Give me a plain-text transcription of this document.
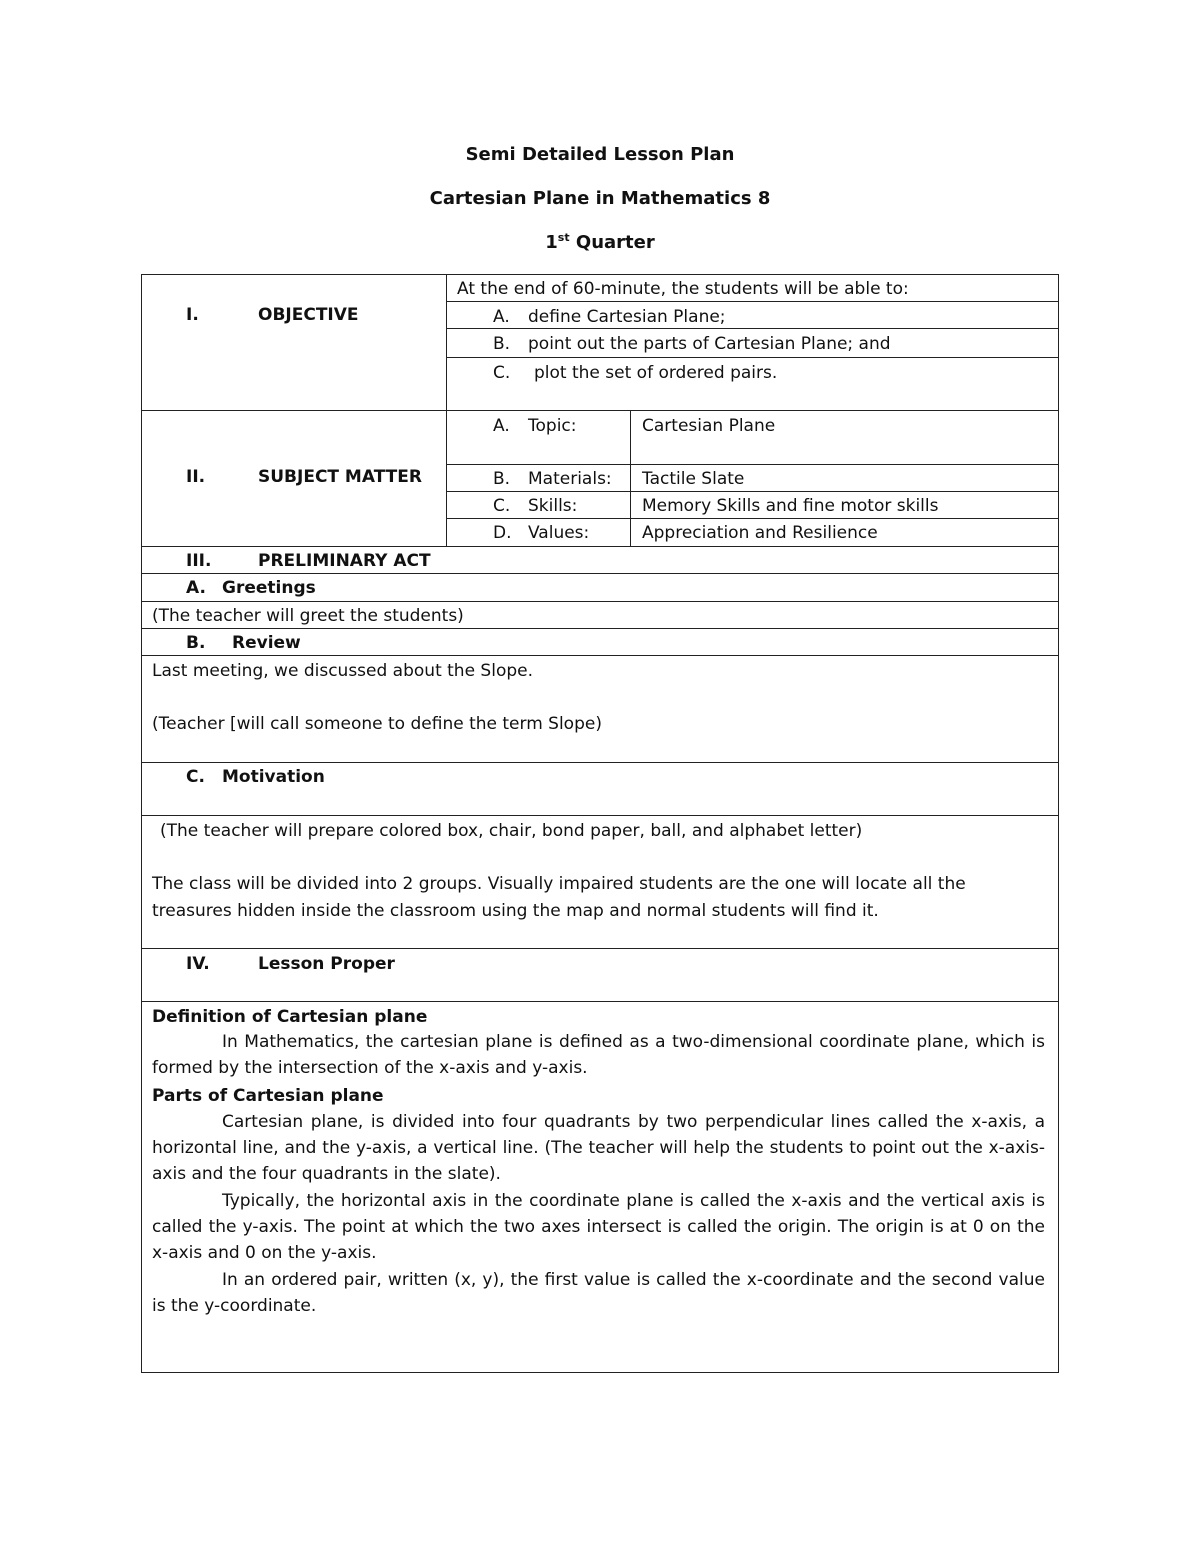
Semi Detailed Lesson Plan
Cartesian Plane in Mathematics 8
1st Quarter
I.	OBJECTIVE
At the end of 60-minute, the students will be able to:
A. define Cartesian Plane;
B. point out the parts of Cartesian Plane; and
C. plot the set of ordered pairs.
II.	SUBJECT MATTER
A. Topic:	Cartesian Plane
B. Materials: Tactile Slate
C. Skills:	Memory Skills and fine motor skills
D. Values:	Appreciation and Resilience
III.	PRELIMINARY ACT
A. Greetings
(The teacher will greet the students)
B. Review
Last meeting, we discussed about the Slope.
(Teacher [will call someone to define the term Slope)
C. Motivation
(The teacher will prepare colored box, chair, bond paper, ball, and alphabet letter)
The class will be divided into 2 groups. Visually impaired students are the one will locate all the
treasures hidden inside the classroom using the map and normal students will find it.
IV.	Lesson Proper
Definition of Cartesian plane
In Mathematics, the cartesian plane is defined as a two-dimensional coordinate plane, which is formed by the intersection of the x-axis and y-axis.
Parts of Cartesian plane
Cartesian plane, is divided into four quadrants by two perpendicular lines called the x-axis, a horizontal line, and the y-axis, a vertical line. (The teacher will help the students to point out the x-axis-axis and the four quadrants in the slate).
Typically, the horizontal axis in the coordinate plane is called the x-axis and the vertical axis is called the y-axis. The point at which the two axes intersect is called the origin. The origin is at 0 on the x-axis and 0 on the y-axis.
In an ordered pair, written (x, y), the first value is called the x-coordinate and the second value is the y-coordinate.
